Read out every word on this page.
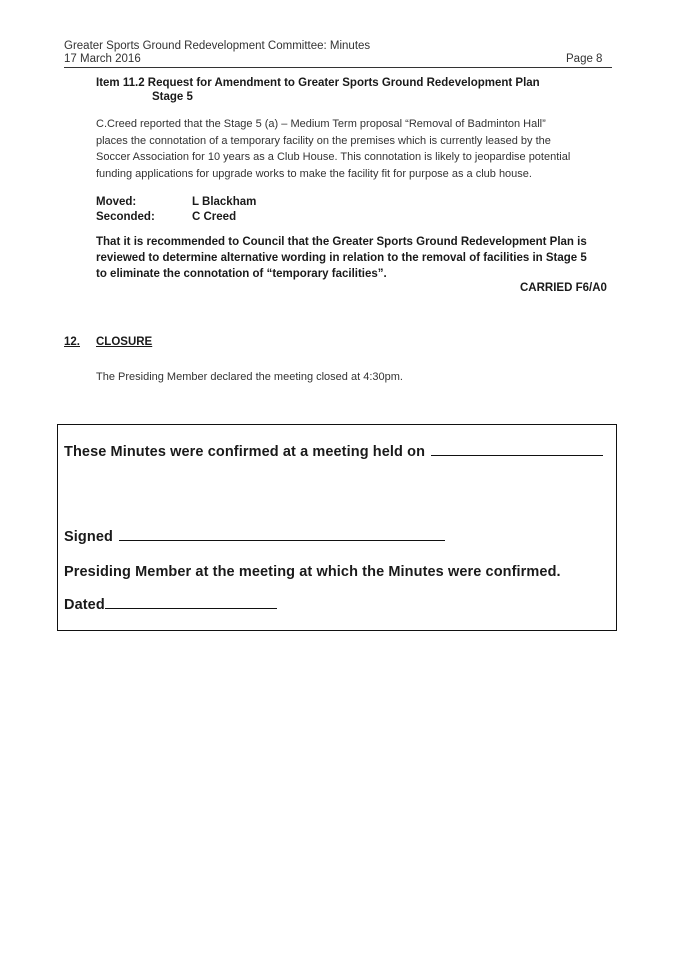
Greater Sports Ground Redevelopment Committee: Minutes
17 March 2016	Page 8
Item 11.2 Request for Amendment to Greater Sports Ground Redevelopment Plan
Stage 5
C.Creed reported that the Stage 5 (a) – Medium Term proposal “Removal of Badminton Hall”
places the connotation of a temporary facility on the premises which is currently leased by the
Soccer Association for 10 years as a Club House. This connotation is likely to jeopardise potential
funding applications for upgrade works to make the facility fit for purpose as a club house.
Moved:	L Blackham
Seconded:	C Creed
That it is recommended to Council that the Greater Sports Ground Redevelopment Plan is
reviewed to determine alternative wording in relation to the removal of facilities in Stage 5
to eliminate the connotation of “temporary facilities”.
CARRIED F6/A0
12. CLOSURE
The Presiding Member declared the meeting closed at 4:30pm.
These Minutes were confirmed at a meeting held on
Signed
Presiding Member at the meeting at which the Minutes were confirmed.
Dated
